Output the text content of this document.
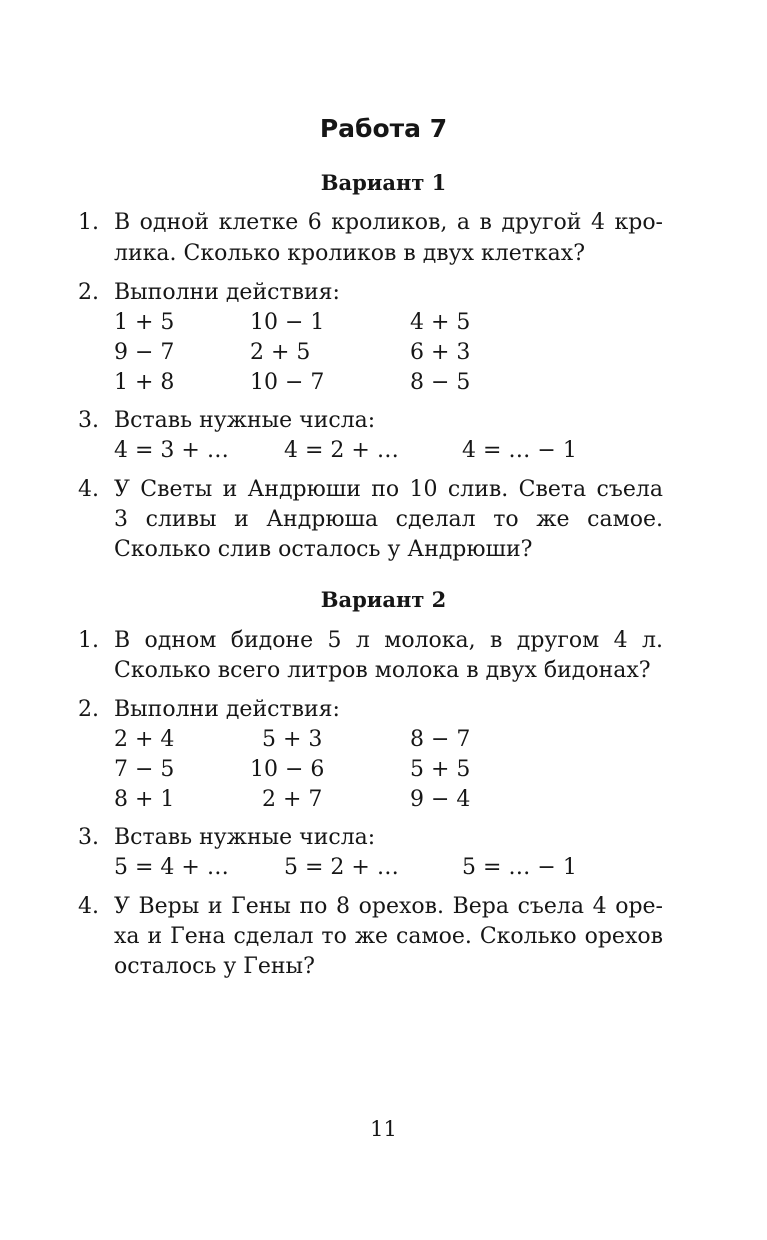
Работа 7
Вариант 1
1. В одной клетке 6 кроликов, а в другой 4 кро-
лика. Сколько кроликов в двух клетках?
2. Выполни действия:
1 + 5	10 − 1	4 + 5
9 − 7	2 + 5	6 + 3
1 + 8	10 − 7	8 − 5
3. Вставь нужные числа:
4 = 3 + …	4 = 2 + …	4 = … − 1
4. У Светы и Андрюши по 10 слив. Света съела
3 сливы и Андрюша сделал то же самое.
Сколько слив осталось у Андрюши?
Вариант 2
1. В одном бидоне 5 л молока, в другом 4 л.
Сколько всего литров молока в двух бидонах?
2. Выполни действия:
2 + 4	5 + 3	8 − 7
7 − 5	10 − 6	5 + 5
8 + 1	2 + 7	9 − 4
3. Вставь нужные числа:
5 = 4 + …	5 = 2 + …	5 = … − 1
4. У Веры и Гены по 8 орехов. Вера съела 4 оре-
ха и Гена сделал то же самое. Сколько орехов
осталось у Гены?
11
